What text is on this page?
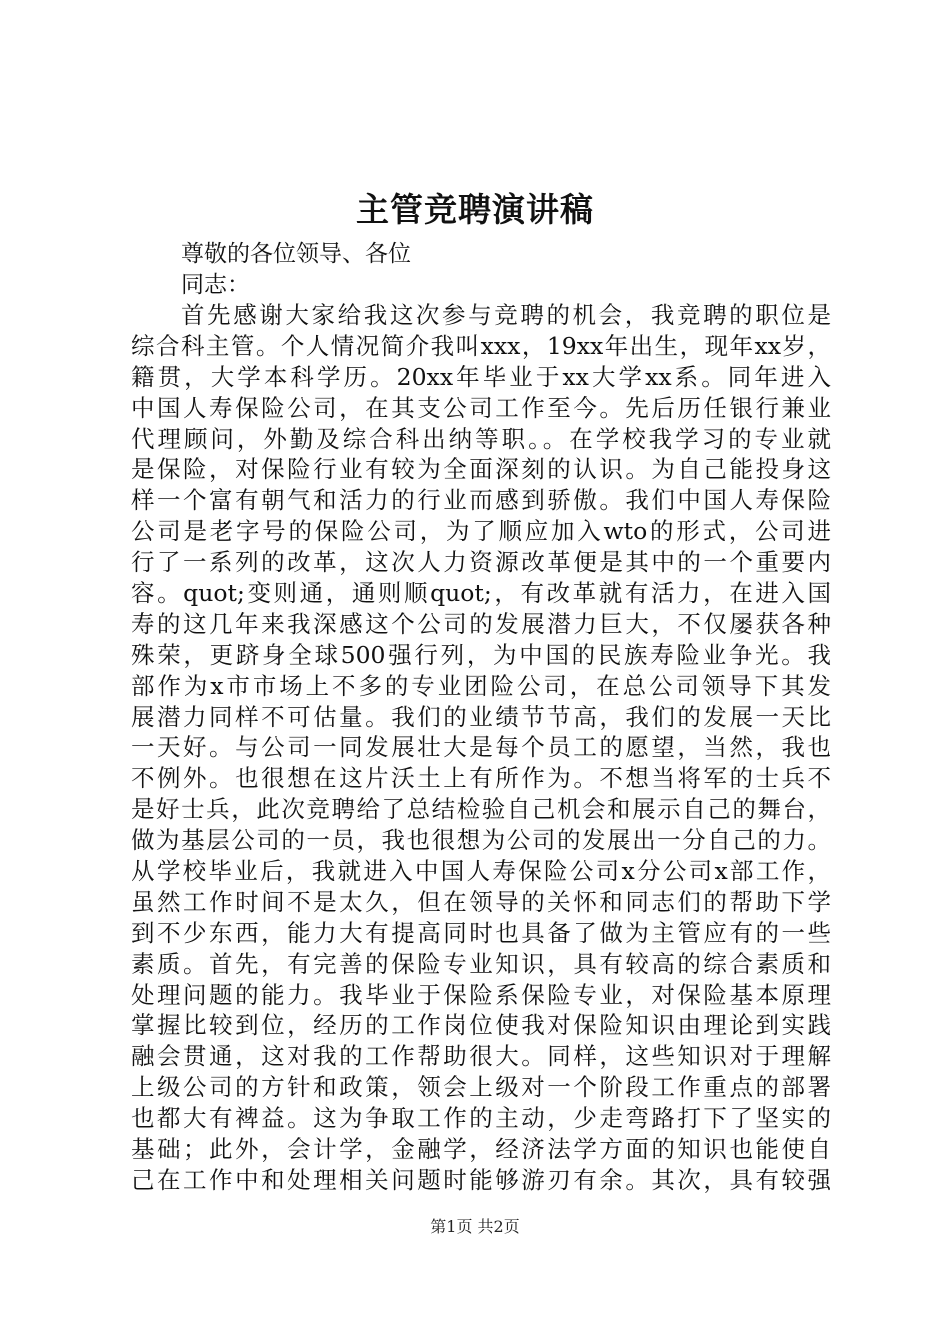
主管竞聘演讲稿
尊敬的各位领导、各位
同志：
首先感谢大家给我这次参与竞聘的机会，我竞聘的职位是
综合科主管。个人情况简介我叫xxx，19xx年出生，现年xx岁，
籍贯，大学本科学历。20xx年毕业于xx大学xx系。同年进入
中国人寿保险公司，在其支公司工作至今。先后历任银行兼业
代理顾问，外勤及综合科出纳等职。。在学校我学习的专业就
是保险，对保险行业有较为全面深刻的认识。为自己能投身这
样一个富有朝气和活力的行业而感到骄傲。我们中国人寿保险
公司是老字号的保险公司，为了顺应加入wto的形式，公司进
行了一系列的改革，这次人力资源改革便是其中的一个重要内
容。quot;变则通，通则顺quot;，有改革就有活力，在进入国
寿的这几年来我深感这个公司的发展潜力巨大，不仅屡获各种
殊荣，更跻身全球500强行列，为中国的民族寿险业争光。我
部作为x市市场上不多的专业团险公司，在总公司领导下其发
展潜力同样不可估量。我们的业绩节节高，我们的发展一天比
一天好。与公司一同发展壮大是每个员工的愿望，当然，我也
不例外。也很想在这片沃土上有所作为。不想当将军的士兵不
是好士兵，此次竞聘给了总结检验自己机会和展示自己的舞台，
做为基层公司的一员，我也很想为公司的发展出一分自己的力。
从学校毕业后，我就进入中国人寿保险公司x分公司x部工作，
虽然工作时间不是太久，但在领导的关怀和同志们的帮助下学
到不少东西，能力大有提高同时也具备了做为主管应有的一些
素质。首先，有完善的保险专业知识，具有较高的综合素质和
处理问题的能力。我毕业于保险系保险专业，对保险基本原理
掌握比较到位，经历的工作岗位使我对保险知识由理论到实践
融会贯通，这对我的工作帮助很大。同样，这些知识对于理解
上级公司的方针和政策，领会上级对一个阶段工作重点的部署
也都大有裨益。这为争取工作的主动，少走弯路打下了坚实的
基础；此外，会计学，金融学，经济法学方面的知识也能使自
己在工作中和处理相关问题时能够游刃有余。其次，具有较强
第1页 共2页
